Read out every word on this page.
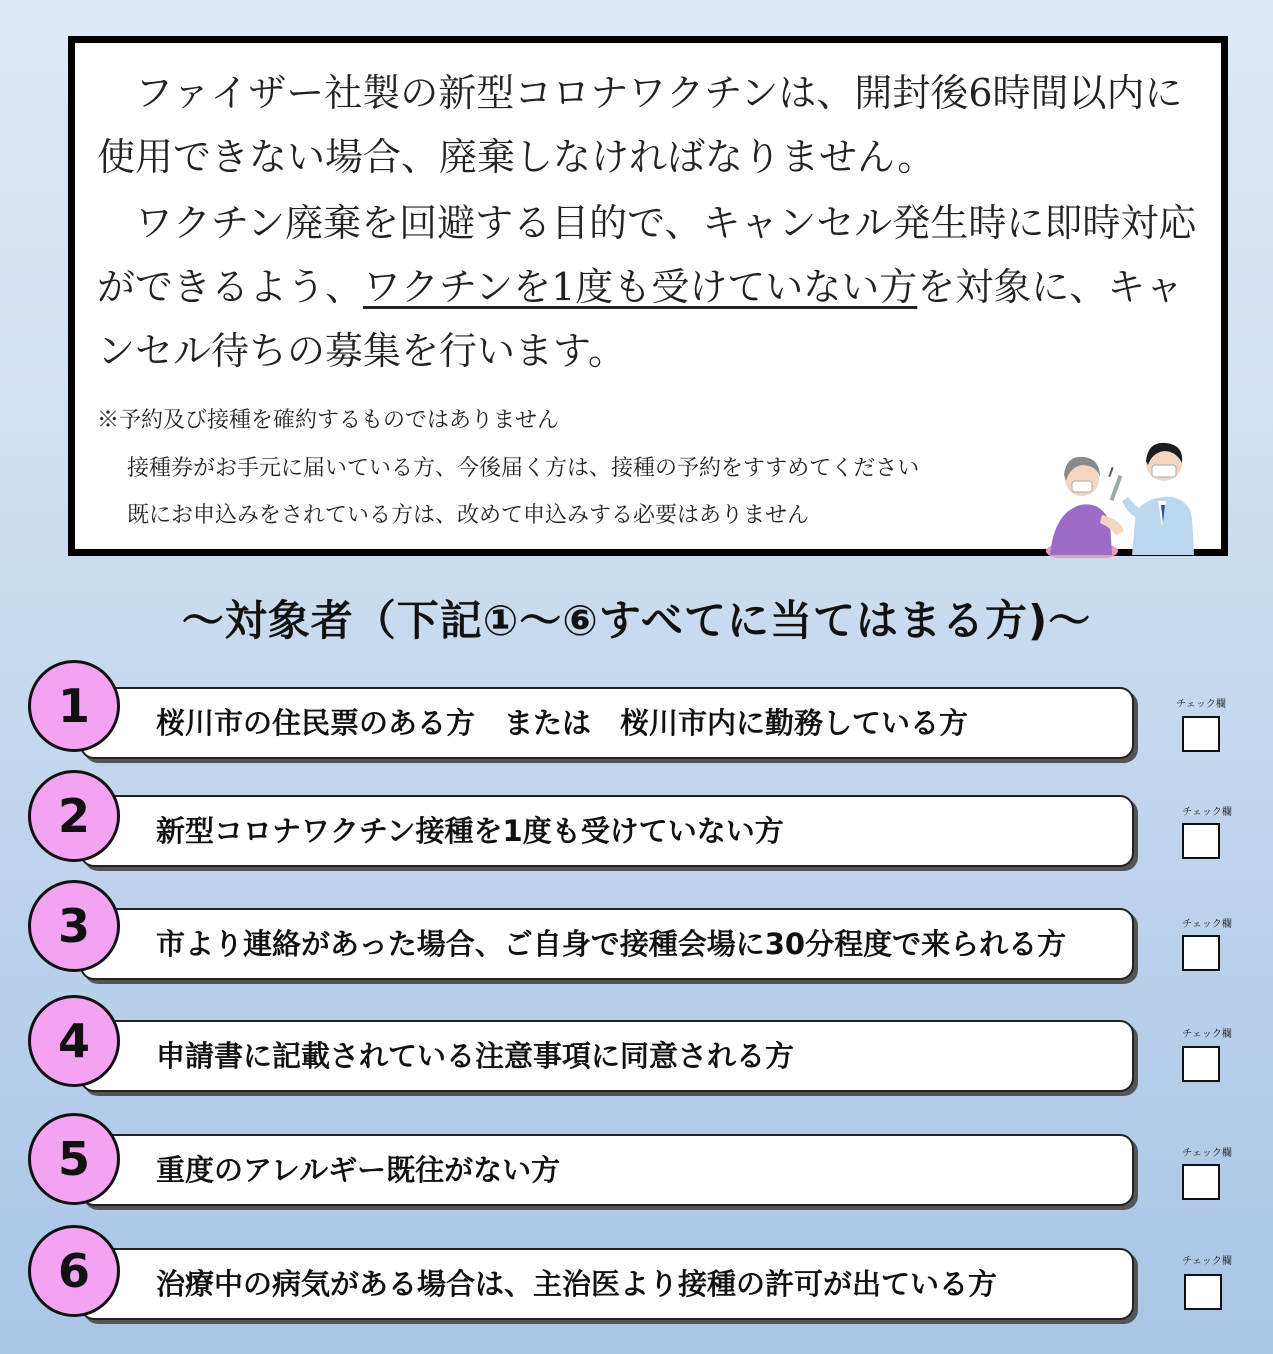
 ファイザー社製の新型コロナワクチンは、開封後6時間以内に使用できない場合、廃棄しなければなりません。
 ワクチン廃棄を回避する目的で、キャンセル発生時に即時対応ができるよう、ワクチンを1度も受けていない方を対象に、キャンセル待ちの募集を行います。
※予約及び接種を確約するものではありません
接種券がお手元に届いている方、今後届く方は、接種の予約をすすめてください
既にお申込みをされている方は、改めて申込みする必要はありません
～対象者（下記①～⑥すべてに当てはまる方)～
桜川市の住民票のある方　または　桜川市内に勤務している方
1	チェック欄
新型コロナワクチン接種を1度も受けていない方
2	チェック欄
市より連絡があった場合、ご自身で接種会場に30分程度で来られる方
3	チェック欄
申請書に記載されている注意事項に同意される方
4	チェック欄
重度のアレルギー既往がない方
5	チェック欄
治療中の病気がある場合は、主治医より接種の許可が出ている方
6	チェック欄
